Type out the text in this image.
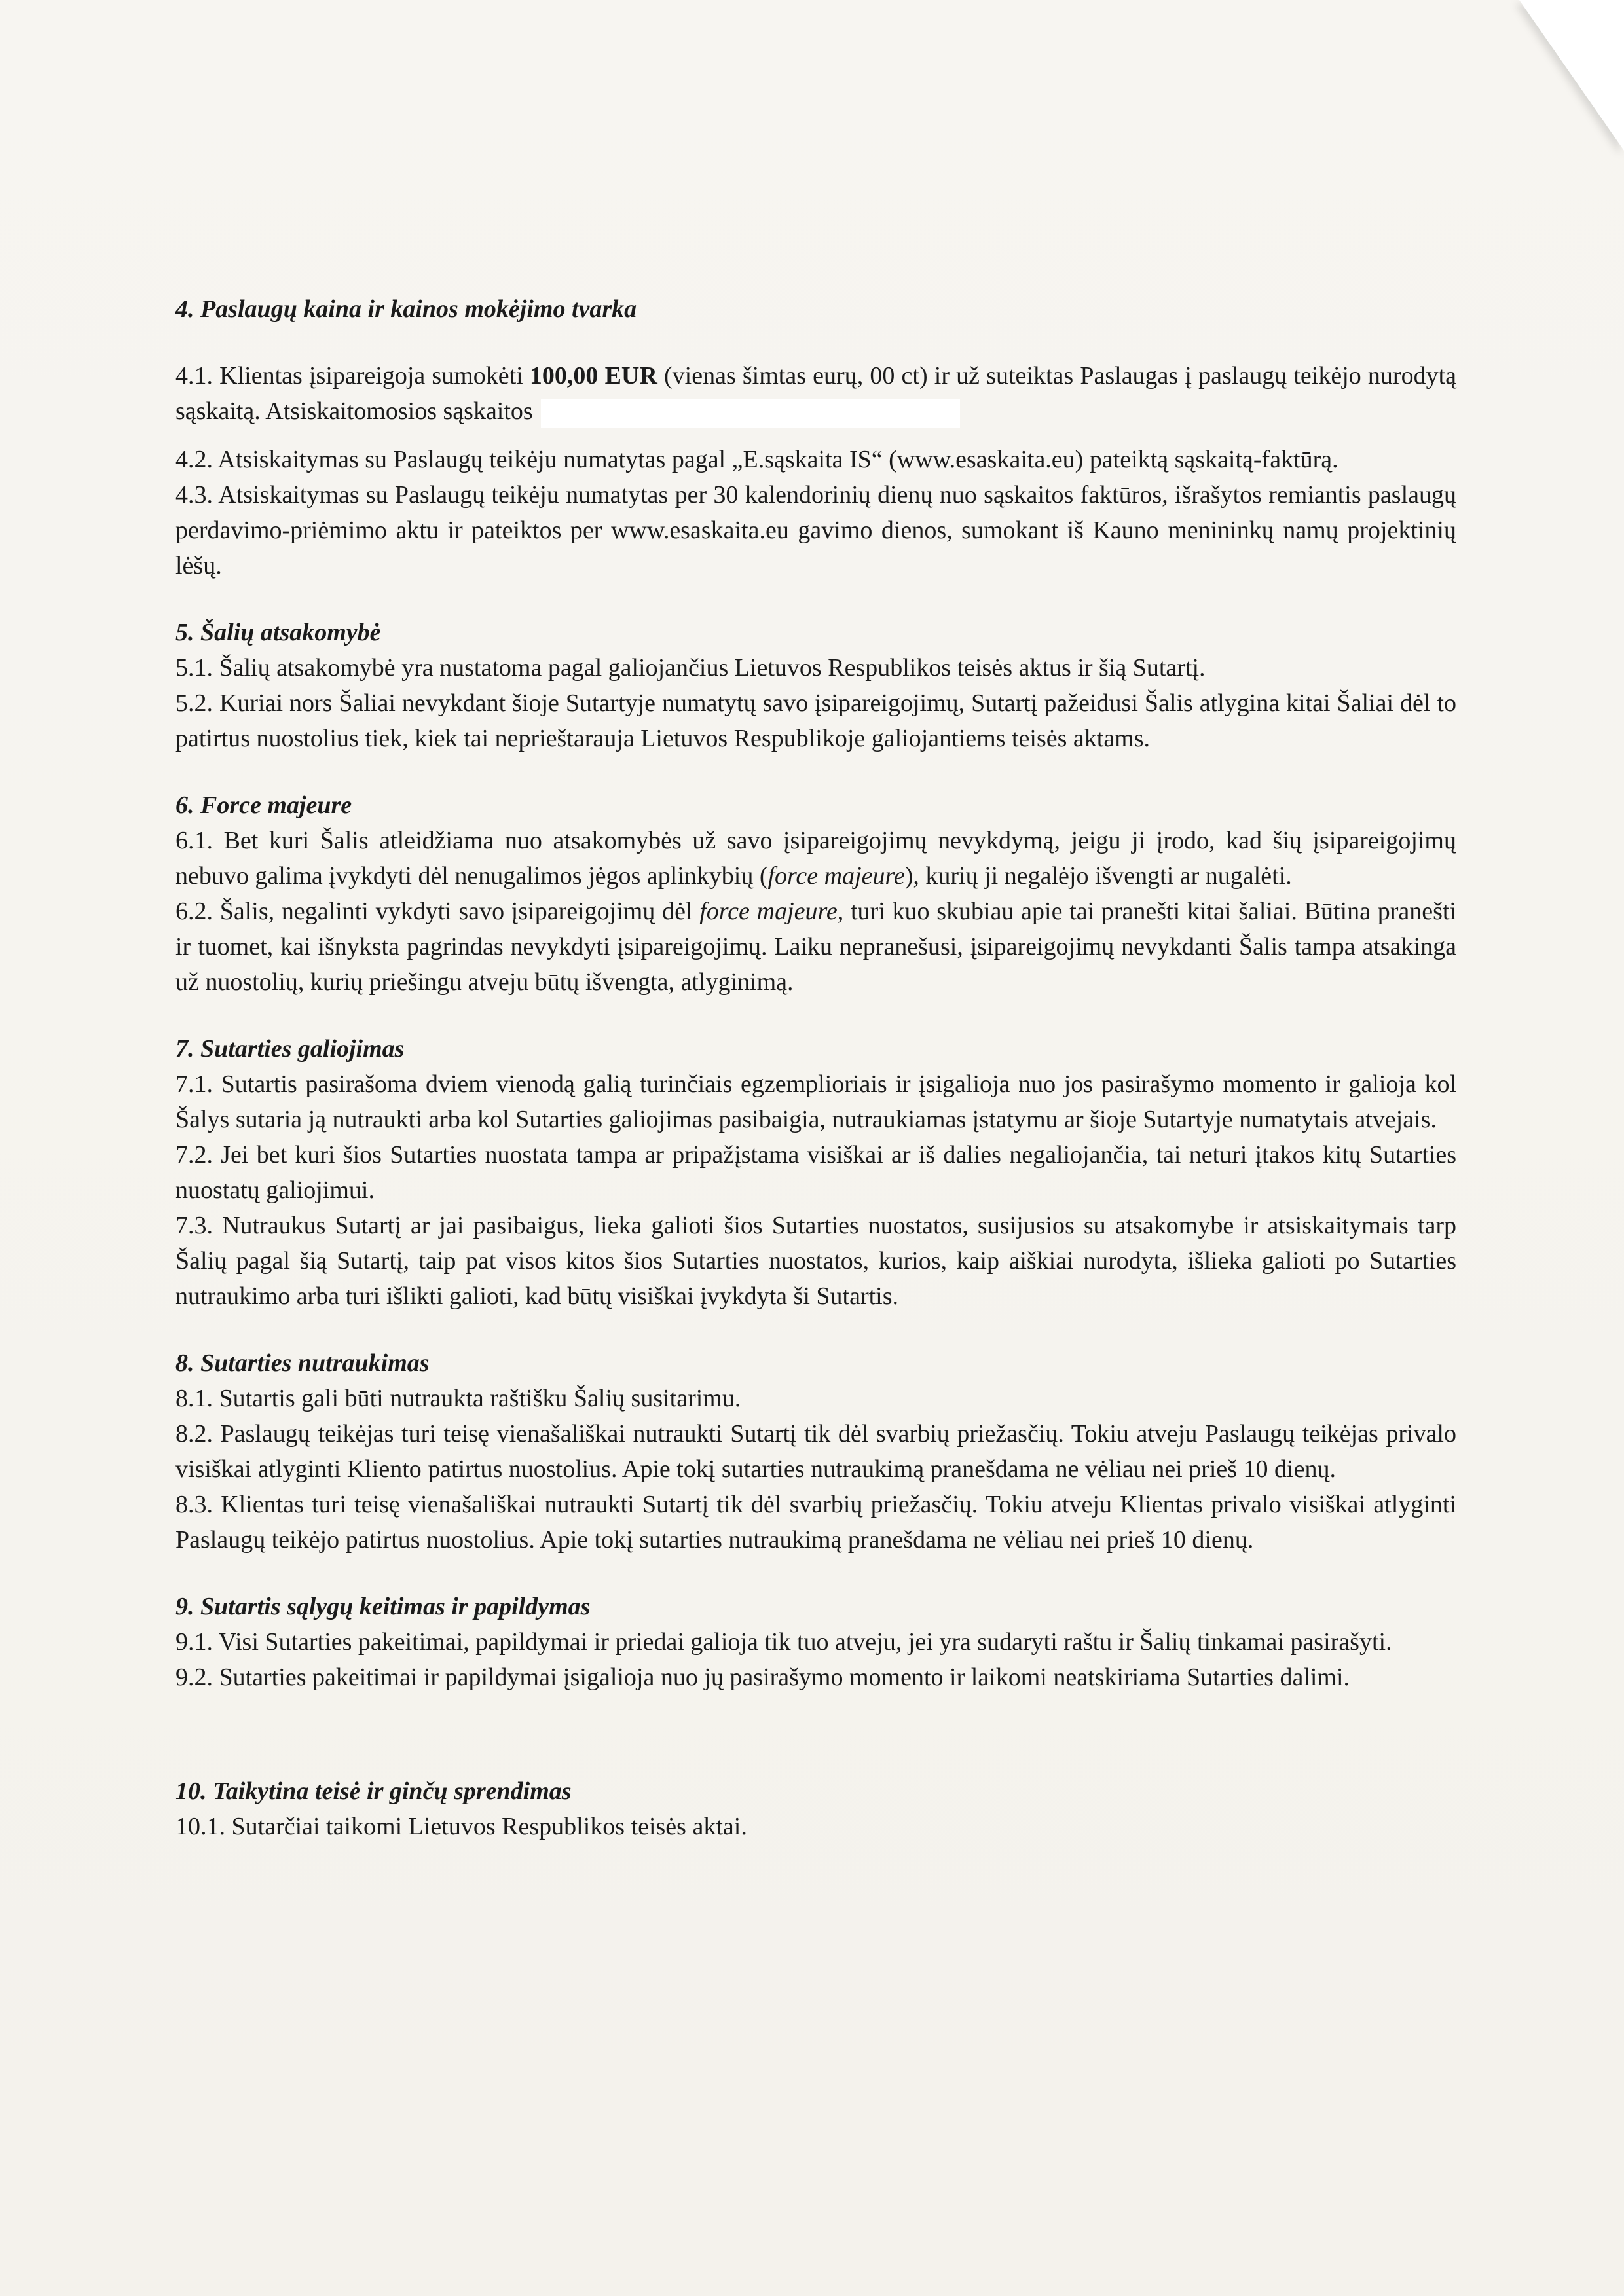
4. Paslaugų kaina ir kainos mokėjimo tvarka

4.1. Klientas įsipareigoja sumokėti 100,00 EUR (vienas šimtas eurų, 00 ct) ir už suteiktas Paslaugas į paslaugų teikėjo nurodytą sąskaitą. Atsiskaitomosios sąskaitos

4.2. Atsiskaitymas su Paslaugų teikėju numatytas pagal „E.sąskaita IS“ (www.esaskaita.eu) pateiktą sąskaitą-faktūrą.

4.3. Atsiskaitymas su Paslaugų teikėju numatytas per 30 kalendorinių dienų nuo sąskaitos faktūros, išrašytos remiantis paslaugų perdavimo-priėmimo aktu ir pateiktos per www.esaskaita.eu gavimo dienos, sumokant iš Kauno menininkų namų projektinių lėšų.

5. Šalių atsakomybė

5.1. Šalių atsakomybė yra nustatoma pagal galiojančius Lietuvos Respublikos teisės aktus ir šią Sutartį.

5.2. Kuriai nors Šaliai nevykdant šioje Sutartyje numatytų savo įsipareigojimų, Sutartį pažeidusi Šalis atlygina kitai Šaliai dėl to patirtus nuostolius tiek, kiek tai neprieštarauja Lietuvos Respublikoje galiojantiems teisės aktams.

6. Force majeure

6.1. Bet kuri Šalis atleidžiama nuo atsakomybės už savo įsipareigojimų nevykdymą, jeigu ji įrodo, kad šių įsipareigojimų nebuvo galima įvykdyti dėl nenugalimos jėgos aplinkybių (force majeure), kurių ji negalėjo išvengti ar nugalėti.

6.2. Šalis, negalinti vykdyti savo įsipareigojimų dėl force majeure, turi kuo skubiau apie tai pranešti kitai šaliai. Būtina pranešti ir tuomet, kai išnyksta pagrindas nevykdyti įsipareigojimų. Laiku nepranešusi, įsipareigojimų nevykdanti Šalis tampa atsakinga už nuostolių, kurių priešingu atveju būtų išvengta, atlyginimą.

7. Sutarties galiojimas

7.1. Sutartis pasirašoma dviem vienodą galią turinčiais egzemplioriais ir įsigalioja nuo jos pasirašymo momento ir galioja kol Šalys sutaria ją nutraukti arba kol Sutarties galiojimas pasibaigia, nutraukiamas įstatymu ar šioje Sutartyje numatytais atvejais.

7.2. Jei bet kuri šios Sutarties nuostata tampa ar pripažįstama visiškai ar iš dalies negaliojančia, tai neturi įtakos kitų Sutarties nuostatų galiojimui.

7.3. Nutraukus Sutartį ar jai pasibaigus, lieka galioti šios Sutarties nuostatos, susijusios su atsakomybe ir atsiskaitymais tarp Šalių pagal šią Sutartį, taip pat visos kitos šios Sutarties nuostatos, kurios, kaip aiškiai nurodyta, išlieka galioti po Sutarties nutraukimo arba turi išlikti galioti, kad būtų visiškai įvykdyta ši Sutartis.

8. Sutarties nutraukimas

8.1. Sutartis gali būti nutraukta raštišku Šalių susitarimu.

8.2. Paslaugų teikėjas turi teisę vienašališkai nutraukti Sutartį tik dėl svarbių priežasčių. Tokiu atveju Paslaugų teikėjas privalo visiškai atlyginti Kliento patirtus nuostolius. Apie tokį sutarties nutraukimą pranešdama ne vėliau nei prieš 10 dienų.

8.3. Klientas turi teisę vienašališkai nutraukti Sutartį tik dėl svarbių priežasčių. Tokiu atveju Klientas privalo visiškai atlyginti Paslaugų teikėjo patirtus nuostolius. Apie tokį sutarties nutraukimą pranešdama ne vėliau nei prieš 10 dienų.

9. Sutartis sąlygų keitimas ir papildymas

9.1. Visi Sutarties pakeitimai, papildymai ir priedai galioja tik tuo atveju, jei yra sudaryti raštu ir Šalių tinkamai pasirašyti.

9.2. Sutarties pakeitimai ir papildymai įsigalioja nuo jų pasirašymo momento ir laikomi neatskiriama Sutarties dalimi.

10. Taikytina teisė ir ginčų sprendimas

10.1. Sutarčiai taikomi Lietuvos Respublikos teisės aktai.
